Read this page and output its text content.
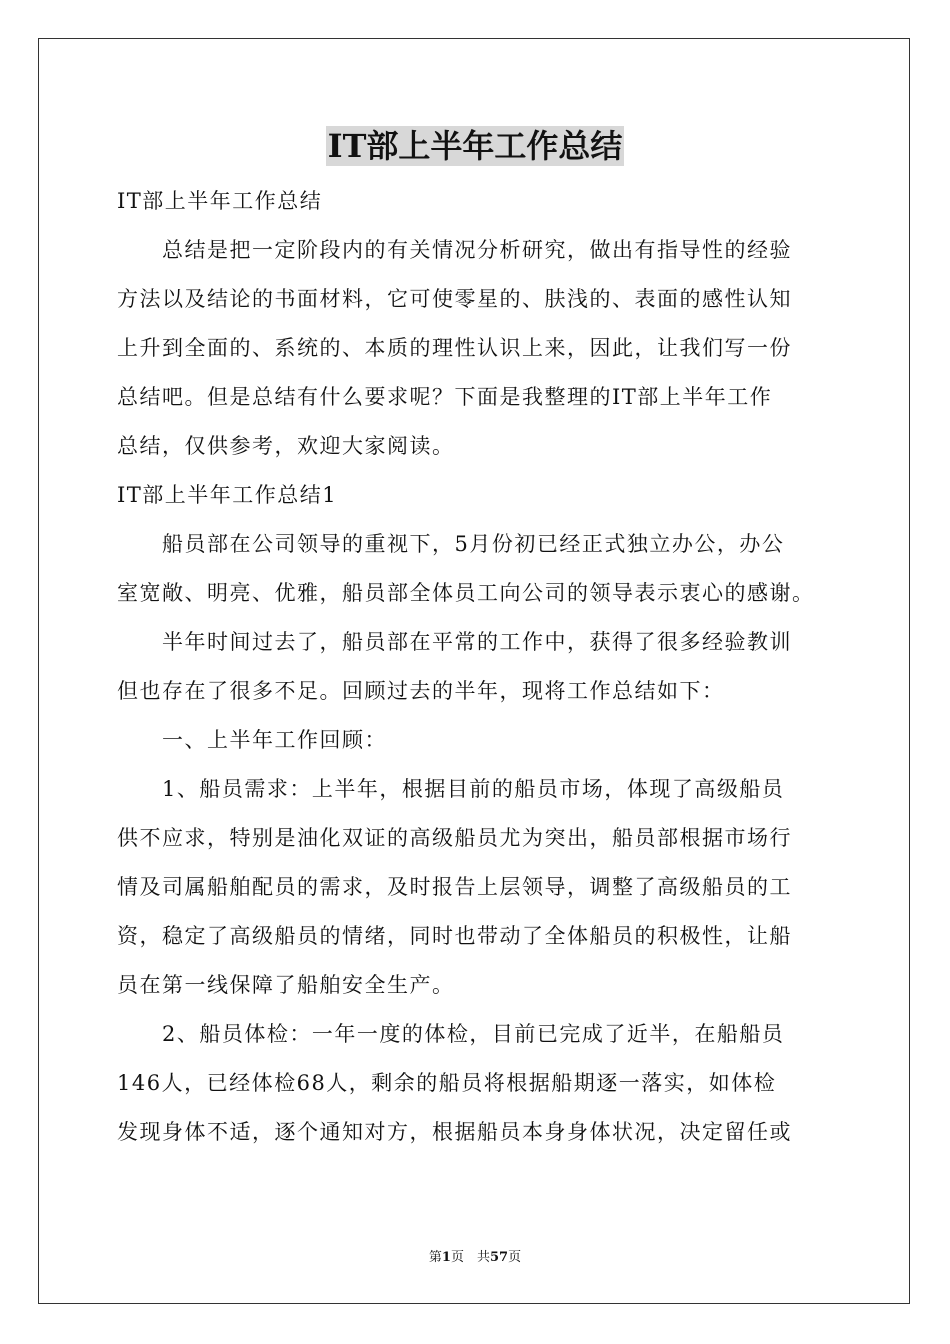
IT部上半年工作总结
IT部上半年工作总结
总结是把一定阶段内的有关情况分析研究，做出有指导性的经验
方法以及结论的书面材料，它可使零星的、肤浅的、表面的感性认知
上升到全面的、系统的、本质的理性认识上来，因此，让我们写一份
总结吧。但是总结有什么要求呢？下面是我整理的IT部上半年工作
总结，仅供参考，欢迎大家阅读。
IT部上半年工作总结1
船员部在公司领导的重视下，5月份初已经正式独立办公，办公
室宽敞、明亮、优雅，船员部全体员工向公司的领导表示衷心的感谢。
半年时间过去了，船员部在平常的工作中，获得了很多经验教训
但也存在了很多不足。回顾过去的半年，现将工作总结如下：
一、上半年工作回顾：
1、船员需求：上半年，根据目前的船员市场，体现了高级船员
供不应求，特别是油化双证的高级船员尤为突出，船员部根据市场行
情及司属船舶配员的需求，及时报告上层领导，调整了高级船员的工
资，稳定了高级船员的情绪，同时也带动了全体船员的积极性，让船
员在第一线保障了船舶安全生产。
2、船员体检：一年一度的体检，目前已完成了近半，在船船员
146人，已经体检68人，剩余的船员将根据船期逐一落实，如体检
发现身体不适，逐个通知对方，根据船员本身身体状况，决定留任或
第1页　共57页
